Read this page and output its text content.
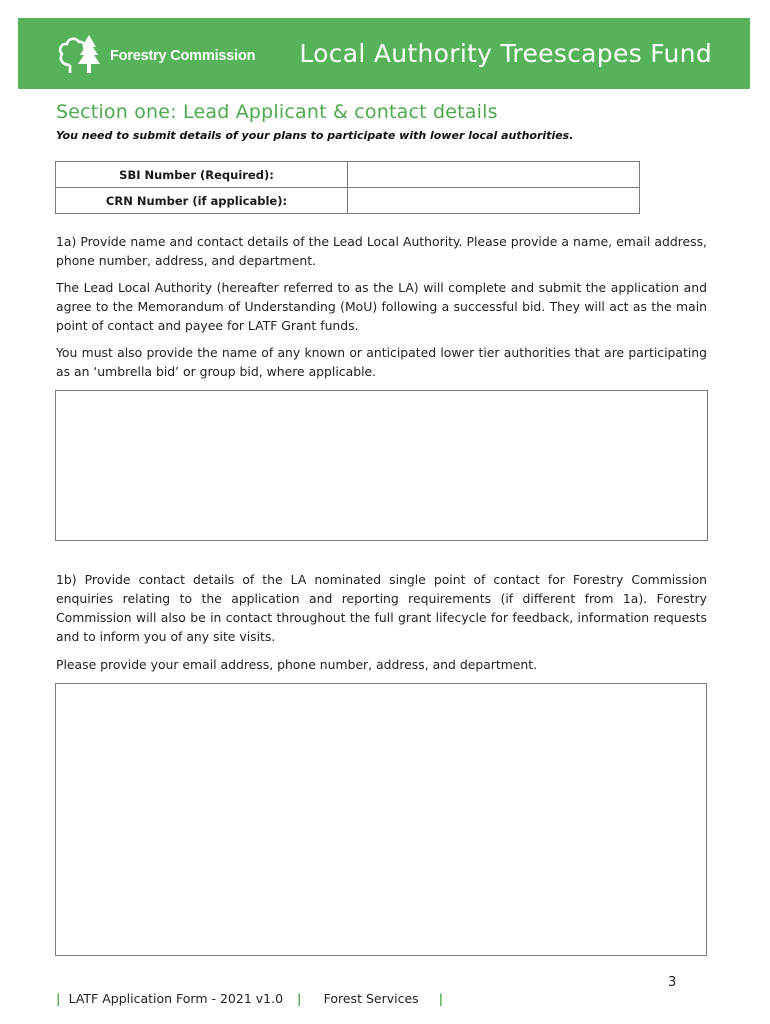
Forestry Commission Local Authority Treescapes Fund
Section one: Lead Applicant & contact details
You need to submit details of your plans to participate with lower local authorities.
SBI Number (Required):	
CRN Number (if applicable):	

1a) Provide name and contact details of the Lead Local Authority. Please provide a name, email address, phone number, address, and department.

The Lead Local Authority (hereafter referred to as the LA) will complete and submit the application and agree to the Memorandum of Understanding (MoU) following a successful bid. They will act as the main point of contact and payee for LATF Grant funds.

You must also provide the name of any known or anticipated lower tier authorities that are participating as an ‘umbrella bid’ or group bid, where applicable.

1b) Provide contact details of the LA nominated single point of contact for Forestry Commission enquiries relating to the application and reporting requirements (if different from 1a). Forestry Commission will also be in contact throughout the full grant lifecycle for feedback, information requests and to inform you of any site visits.

Please provide your email address, phone number, address, and department.

3
| LATF Application Form - 2021 v1.0 | Forest Services |
